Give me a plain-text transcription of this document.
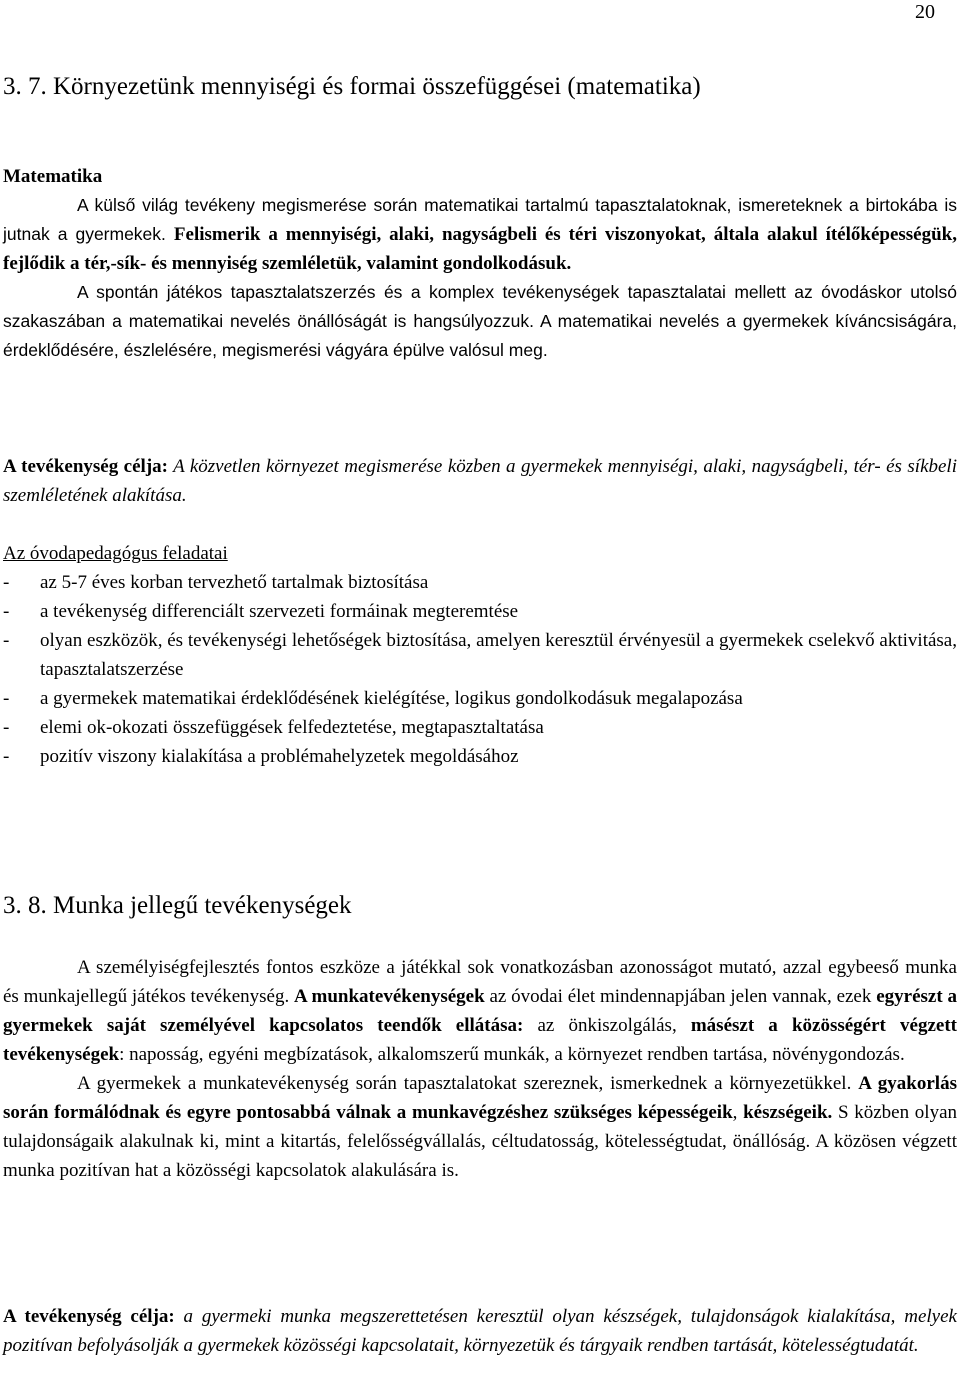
20
3. 7. Környezetünk mennyiségi és formai összefüggései (matematika)

Matematika

A külső világ tevékeny megismerése során matematikai tartalmú tapasztalatoknak, ismereteknek a birtokába is jutnak a gyermekek. Felismerik a mennyiségi, alaki, nagyságbeli és téri viszonyokat, általa alakul ítélőképességük, fejlődik a tér,-sík- és mennyiség szemléletük, valamint gondolkodásuk.

A spontán játékos tapasztalatszerzés és a komplex tevékenységek tapasztalatai mellett az óvodáskor utolsó szakaszában a matematikai nevelés önállóságát is hangsúlyozzuk. A matematikai nevelés a gyermekek kíváncsiságára, érdeklődésére, észlelésére, megismerési vágyára épülve valósul meg.

A tevékenység célja: A közvetlen környezet megismerése közben a gyermekek mennyiségi, alaki, nagyságbeli, tér- és síkbeli szemléletének alakítása.

Az óvodapedagógus feladatai

-	az 5-7 éves korban tervezhető tartalmak biztosítása
-	a tevékenység differenciált szervezeti formáinak megteremtése
-	olyan eszközök, és tevékenységi lehetőségek biztosítása, amelyen keresztül érvényesül a gyermekek cselekvő aktivitása, tapasztalatszerzése
-	a gyermekek matematikai érdeklődésének kielégítése, logikus gondolkodásuk megalapozása
-	elemi ok-okozati összefüggések felfedeztetése, megtapasztaltatása
-	pozitív viszony kialakítása a problémahelyzetek megoldásához
3. 8. Munka jellegű tevékenységek

A személyiségfejlesztés fontos eszköze a játékkal sok vonatkozásban azonosságot mutató, azzal egybeeső munka és munkajellegű játékos tevékenység. A munkatevékenységek az óvodai élet mindennapjában jelen vannak, ezek egyrészt a gyermekek saját személyével kapcsolatos teendők ellátása: az önkiszolgálás, másészt a közösségért végzett tevékenységek: naposság, egyéni megbízatások, alkalomszerű munkák, a környezet rendben tartása, növénygondozás.

A gyermekek a munkatevékenység során tapasztalatokat szereznek, ismerkednek a környezetükkel. A gyakorlás során formálódnak és egyre pontosabbá válnak a munkavégzéshez szükséges képességeik, készségeik. S közben olyan tulajdonságaik alakulnak ki, mint a kitartás, felelősségvállalás, céltudatosság, kötelességtudat, önállóság. A közösen végzett munka pozitívan hat a közösségi kapcsolatok alakulására is.

A tevékenység célja: a gyermeki munka megszerettetésen keresztül olyan készségek, tulajdonságok kialakítása, melyek pozitívan befolyásolják a gyermekek közösségi kapcsolatait, környezetük és tárgyaik rendben tartását, kötelességtudatát.
